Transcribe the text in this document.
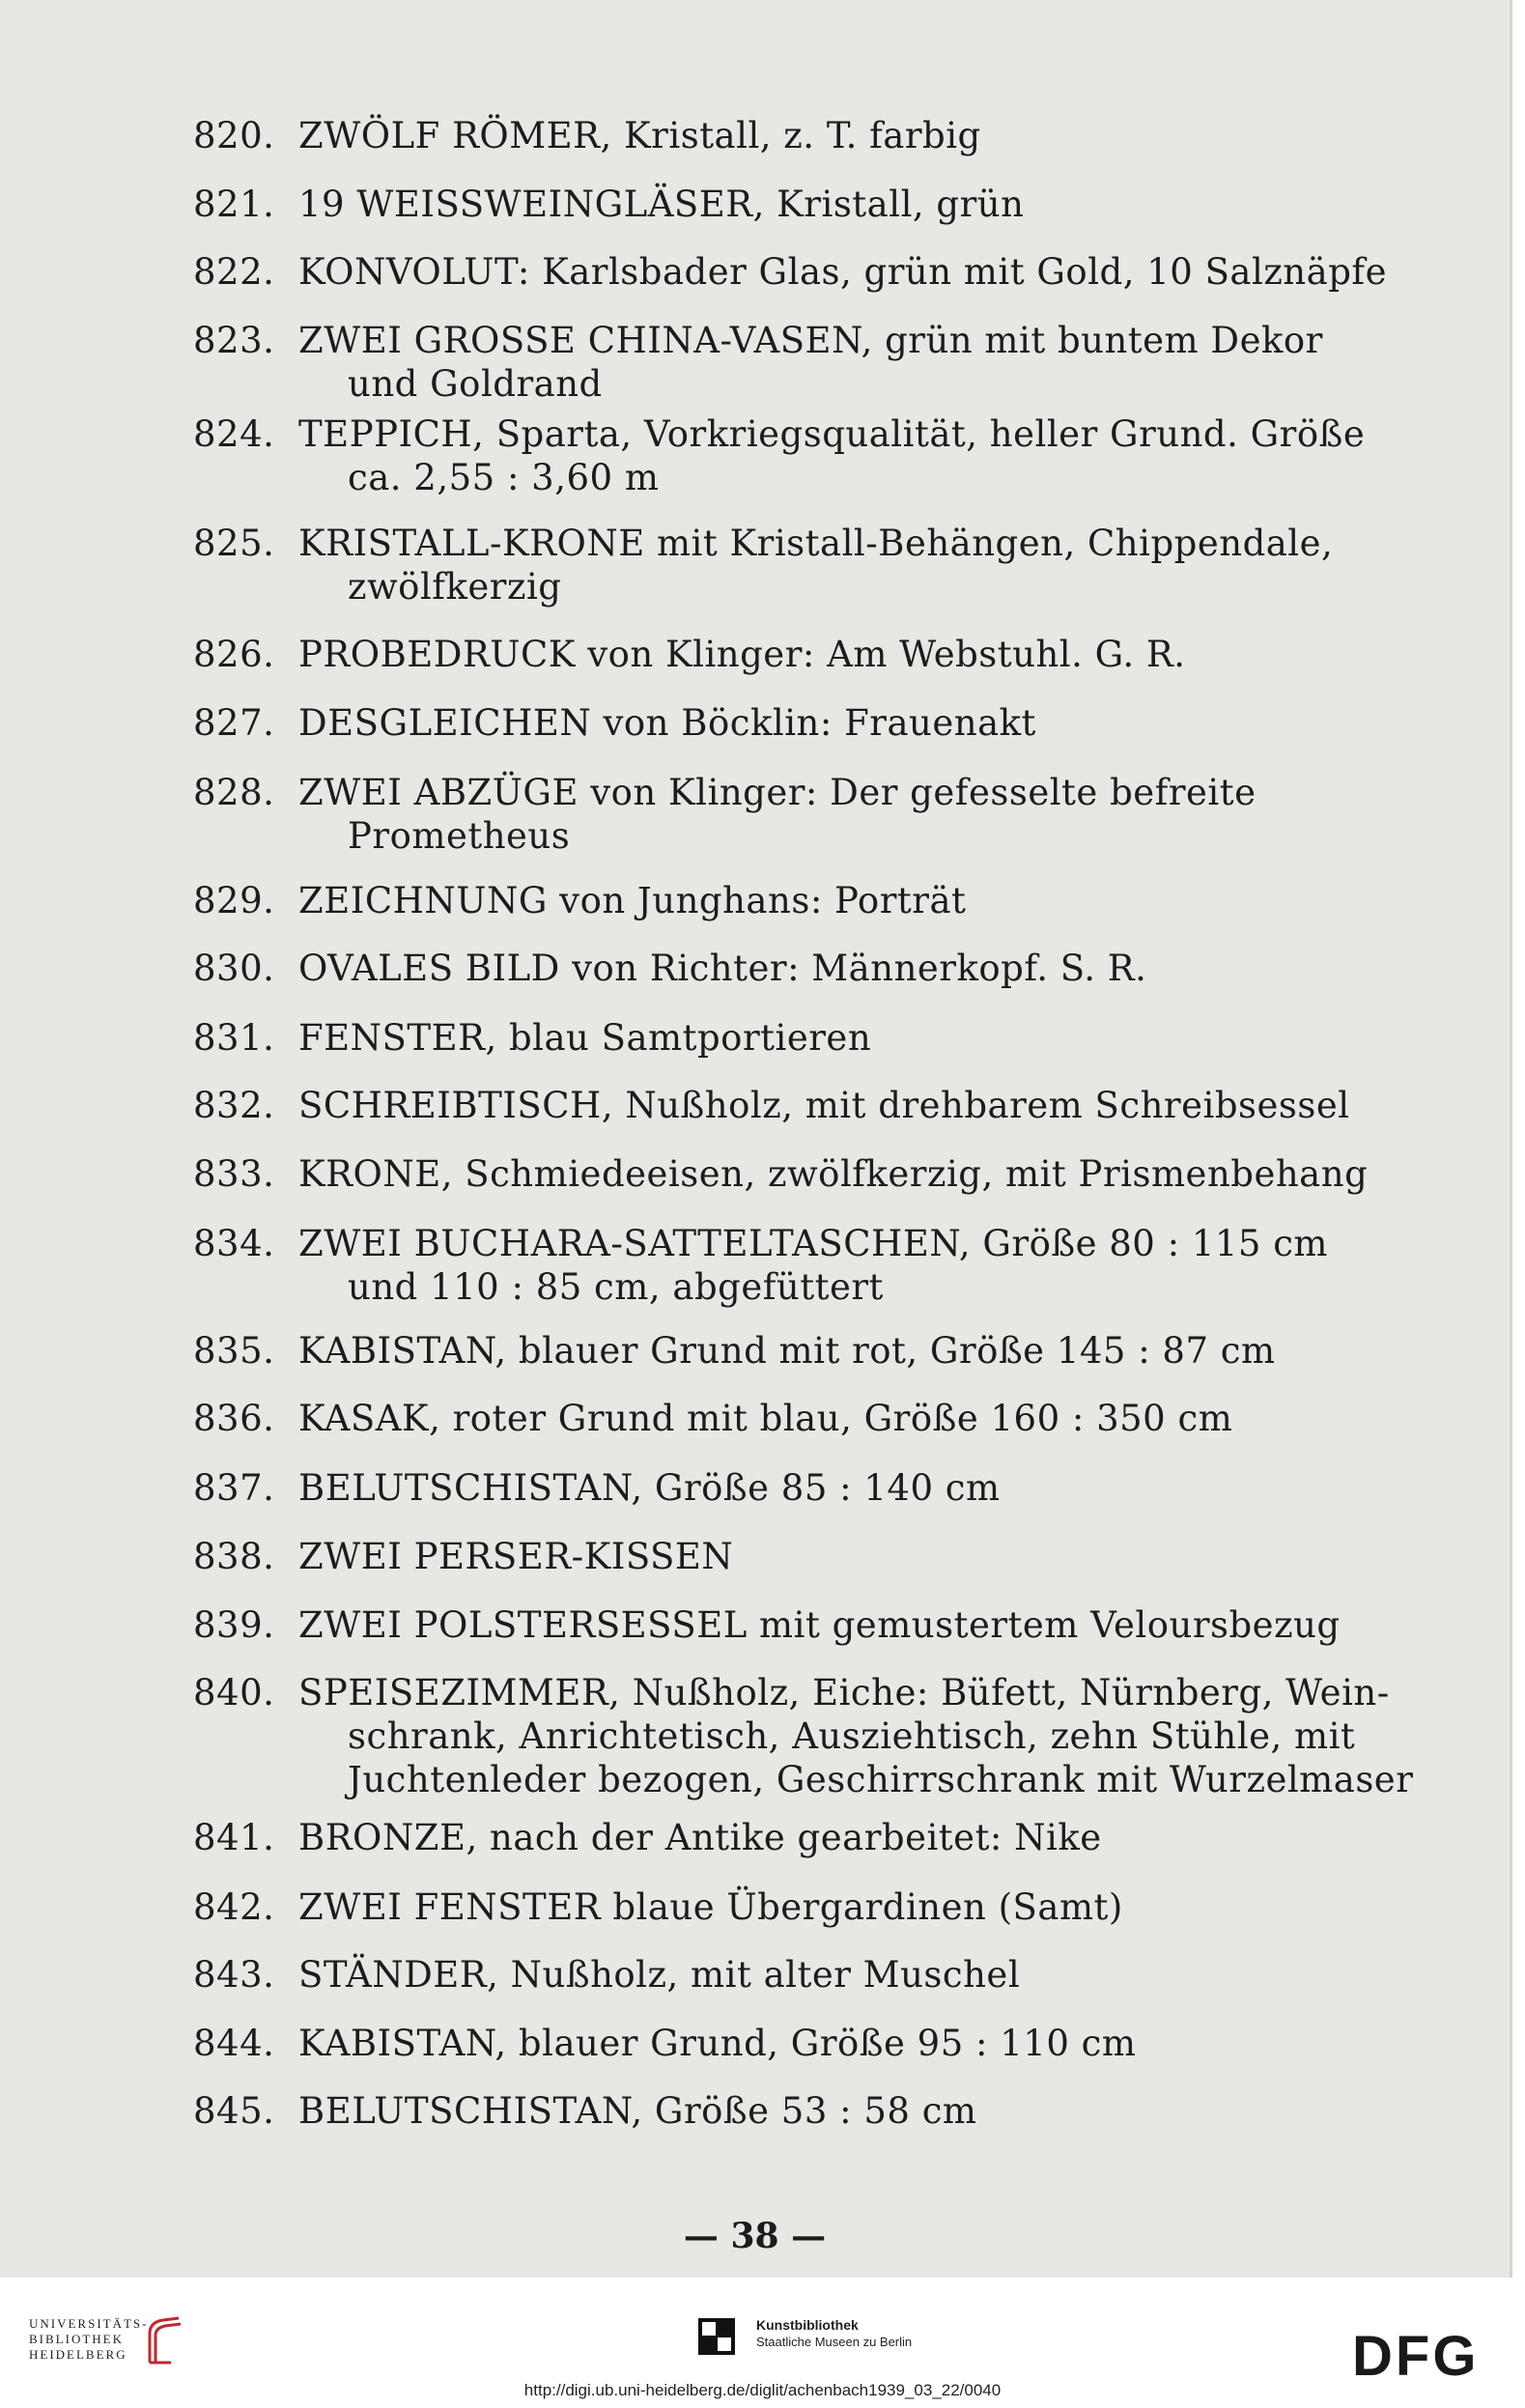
820. ZWÖLF RÖMER, Kristall, z. T. farbig
821. 19 WEISSWEINGLÄSER, Kristall, grün
822. KONVOLUT: Karlsbader Glas, grün mit Gold, 10 Salznäpfe
823. ZWEI GROSSE CHINA-VASEN, grün mit buntem Dekor
und Goldrand
824. TEPPICH, Sparta, Vorkriegsqualität, heller Grund. Größe
ca. 2,55 : 3,60 m
825. KRISTALL-KRONE mit Kristall-Behängen, Chippendale,
zwölfkerzig
826. PROBEDRUCK von Klinger: Am Webstuhl. G. R.
827. DESGLEICHEN von Böcklin: Frauenakt
828. ZWEI ABZÜGE von Klinger: Der gefesselte befreite
Prometheus
829. ZEICHNUNG von Junghans: Porträt
830. OVALES BILD von Richter: Männerkopf. S. R.
831. FENSTER, blau Samtportieren
832. SCHREIBTISCH, Nußholz, mit drehbarem Schreibsessel
833. KRONE, Schmiedeeisen, zwölfkerzig, mit Prismenbehang
834. ZWEI BUCHARA-SATTELTASCHEN, Größe 80 : 115 cm
und 110 : 85 cm, abgefüttert
835. KABISTAN, blauer Grund mit rot, Größe 145 : 87 cm
836. KASAK, roter Grund mit blau, Größe 160 : 350 cm
837. BELUTSCHISTAN, Größe 85 : 140 cm
838. ZWEI PERSER-KISSEN
839. ZWEI POLSTERSESSEL mit gemustertem Veloursbezug
840. SPEISEZIMMER, Nußholz, Eiche: Büfett, Nürnberg, Wein-
schrank, Anrichtetisch, Ausziehtisch, zehn Stühle, mit
Juchtenleder bezogen, Geschirrschrank mit Wurzelmaser
841. BRONZE, nach der Antike gearbeitet: Nike
842. ZWEI FENSTER blaue Übergardinen (Samt)
843. STÄNDER, Nußholz, mit alter Muschel
844. KABISTAN, blauer Grund, Größe 95 : 110 cm
845. BELUTSCHISTAN, Größe 53 : 58 cm
— 38 —
UNIVERSITÄTS-
BIBLIOTHEK
HEIDELBERG
Kunstbibliothek
Staatliche Museen zu Berlin	DFG
http://digi.ub.uni-heidelberg.de/diglit/achenbach1939_03_22/0040
